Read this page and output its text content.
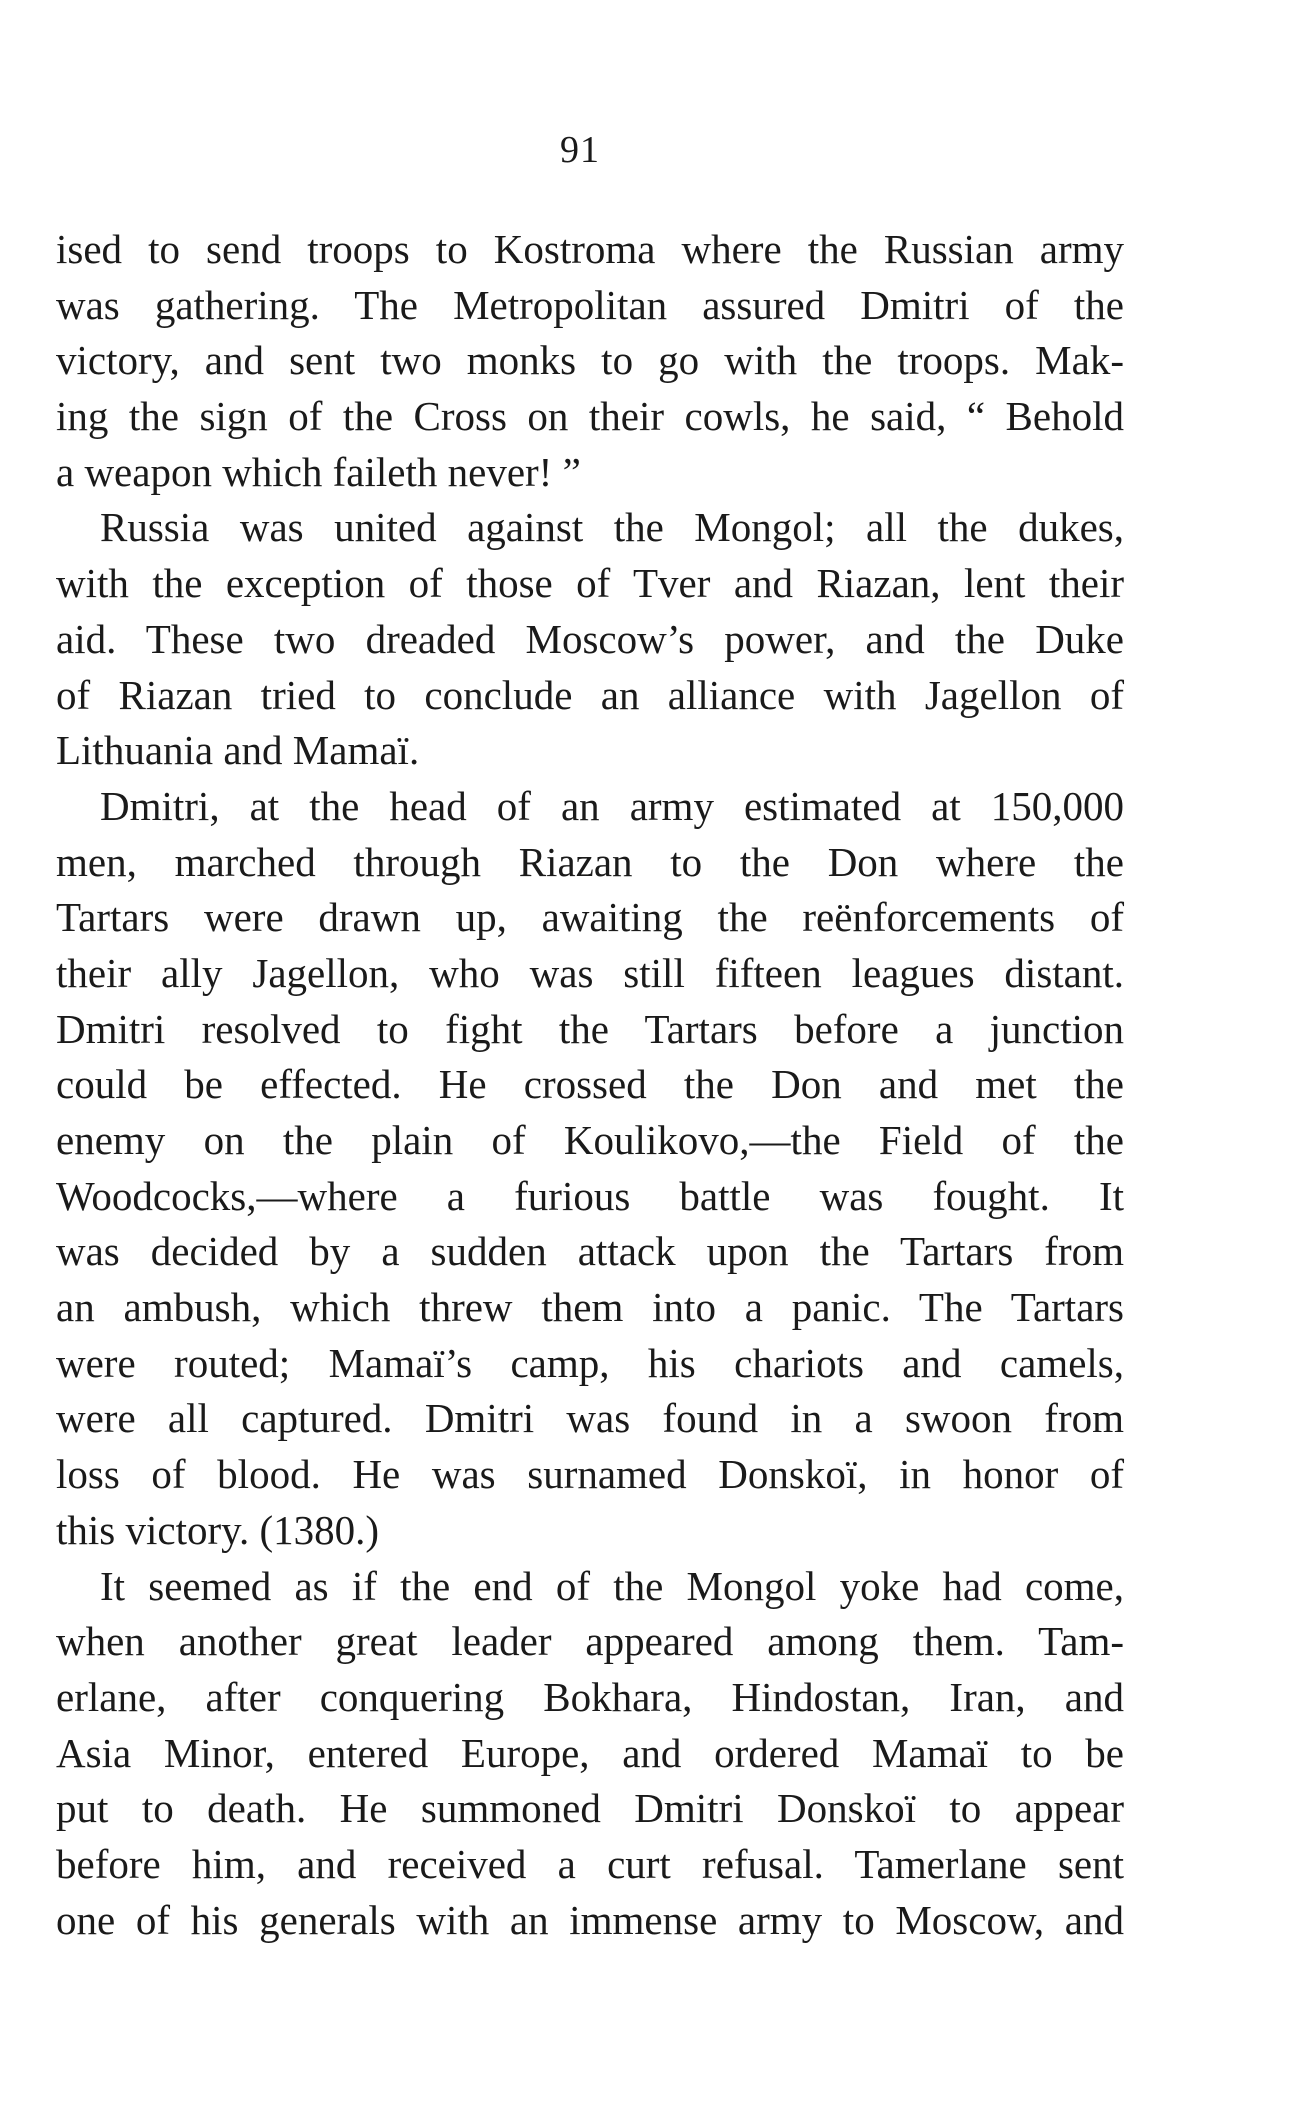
91
ised to send troops to Kostroma where the Russian army
was gathering. The Metropolitan assured Dmitri of the
victory, and sent two monks to go with the troops. Mak-
ing the sign of the Cross on their cowls, he said, “ Behold
a weapon which faileth never! ”
Russia was united against the Mongol; all the dukes,
with the exception of those of Tver and Riazan, lent their
aid. These two dreaded Moscow’s power, and the Duke
of Riazan tried to conclude an alliance with Jagellon of
Lithuania and Mamaï.
Dmitri, at the head of an army estimated at 150,000
men, marched through Riazan to the Don where the
Tartars were drawn up, awaiting the reënforcements of
their ally Jagellon, who was still fifteen leagues distant.
Dmitri resolved to fight the Tartars before a junction
could be effected. He crossed the Don and met the
enemy on the plain of Koulikovo,—the Field of the
Woodcocks,—where a furious battle was fought. It
was decided by a sudden attack upon the Tartars from
an ambush, which threw them into a panic. The Tartars
were routed; Mamaï’s camp, his chariots and camels,
were all captured. Dmitri was found in a swoon from
loss of blood. He was surnamed Donskoï, in honor of
this victory. (1380.)
It seemed as if the end of the Mongol yoke had come,
when another great leader appeared among them. Tam-
erlane, after conquering Bokhara, Hindostan, Iran, and
Asia Minor, entered Europe, and ordered Mamaï to be
put to death. He summoned Dmitri Donskoï to appear
before him, and received a curt refusal. Tamerlane sent
one of his generals with an immense army to Moscow, and
